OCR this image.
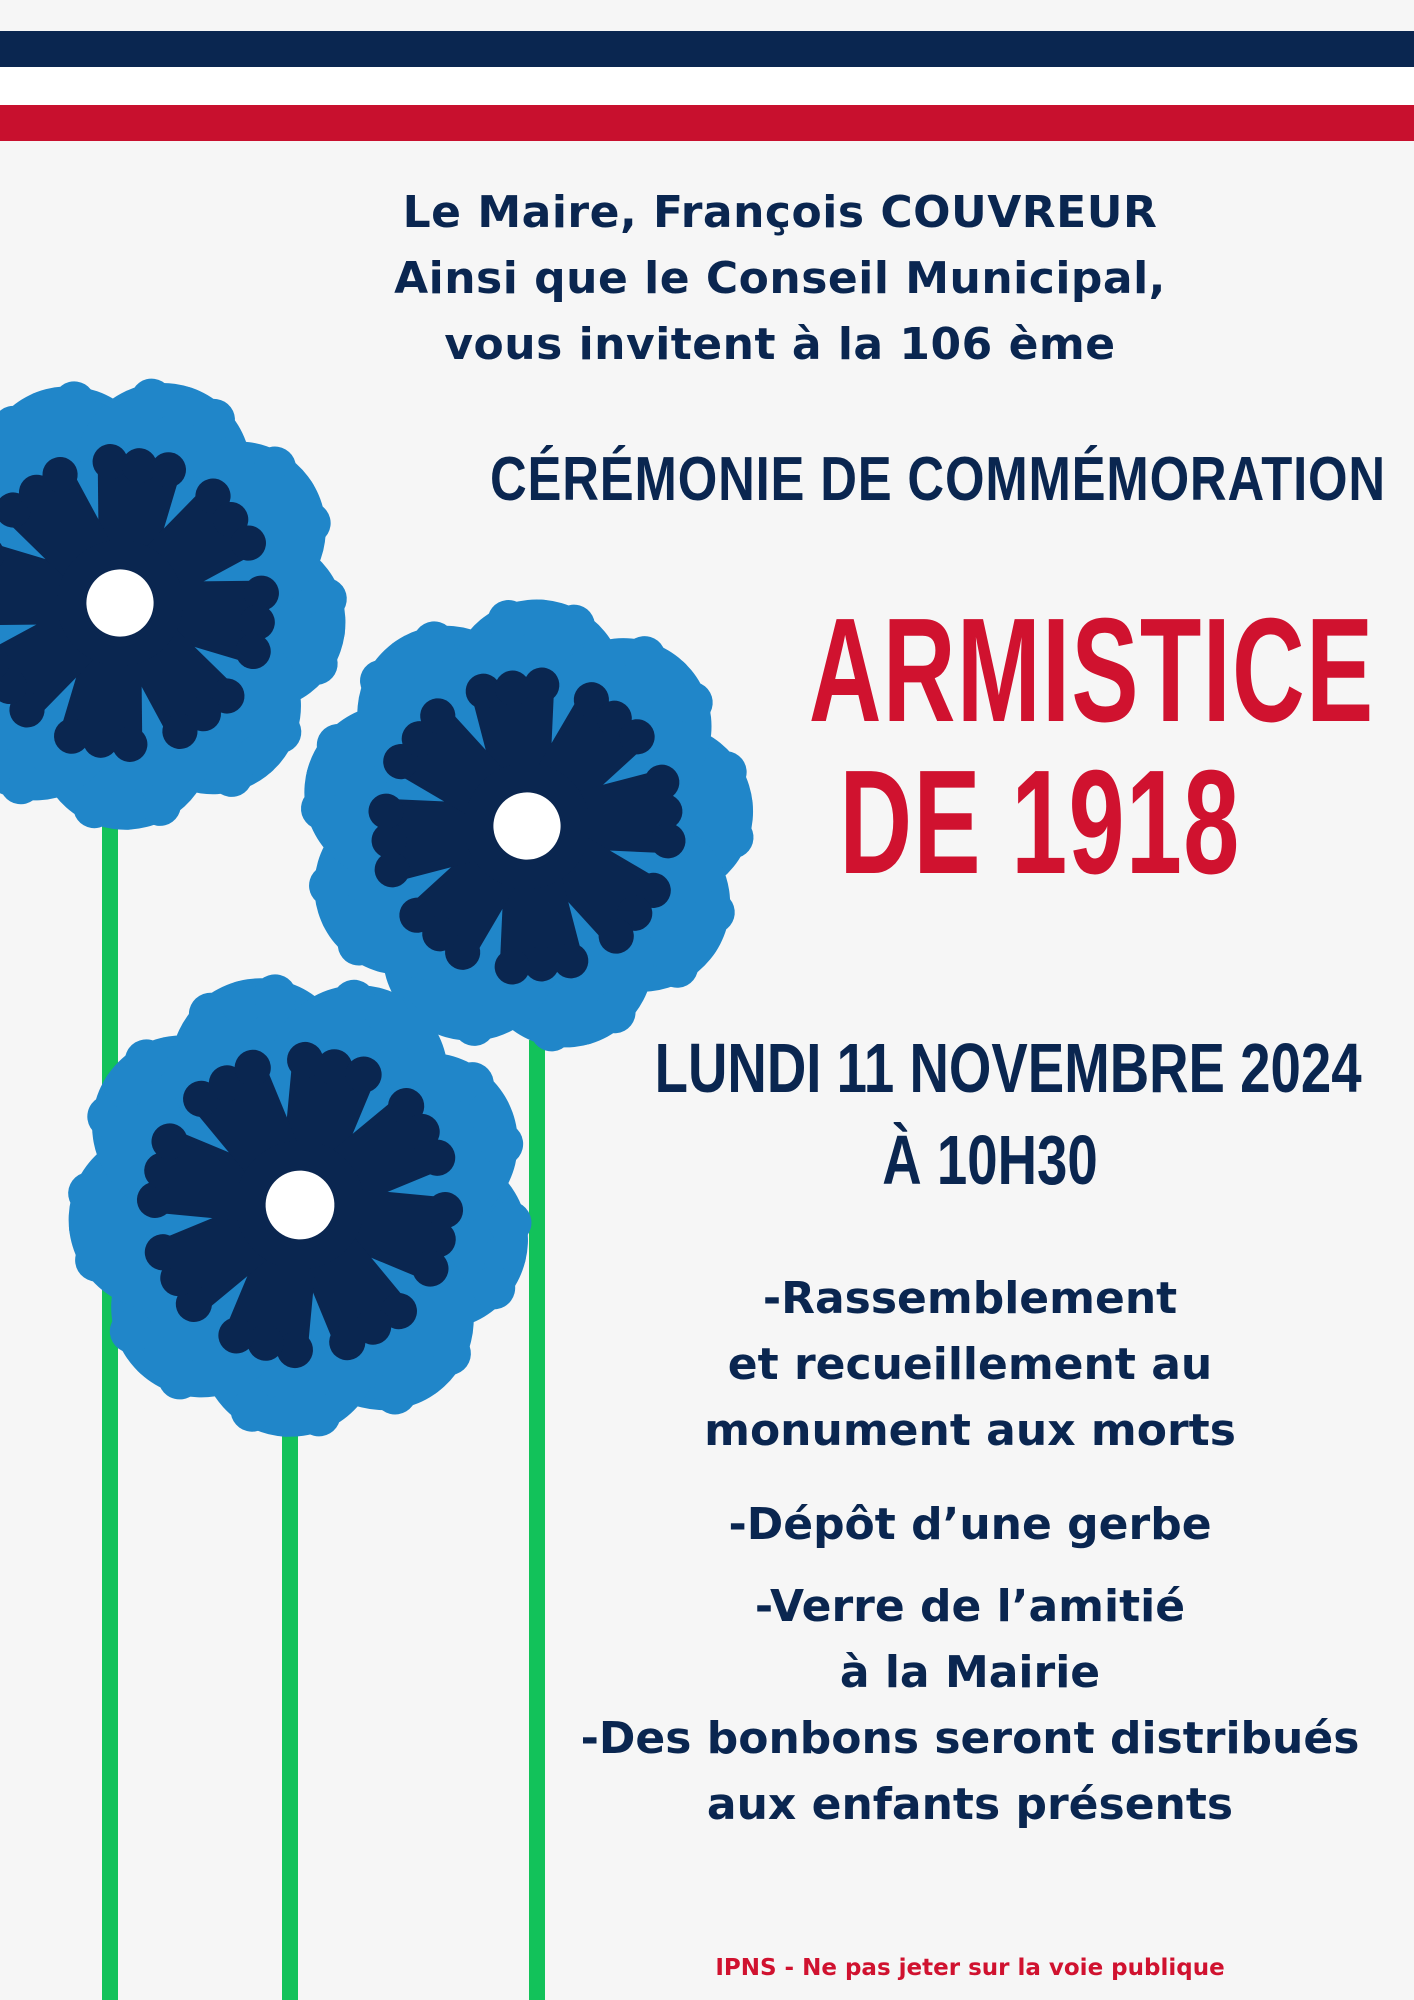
Le Maire, François COUVREUR
Ainsi que le Conseil Municipal,
vous invitent à la 106 ème
CÉRÉMONIE DE COMMÉMORATION
ARMISTICE
DE 1918
LUNDI 11 NOVEMBRE 2024
À 10H30
-Rassemblement
et recueillement au
monument aux morts
-Dépôt d’une gerbe
-Verre de l’amitié
à la Mairie
-Des bonbons seront distribués
aux enfants présents
IPNS - Ne pas jeter sur la voie publique
